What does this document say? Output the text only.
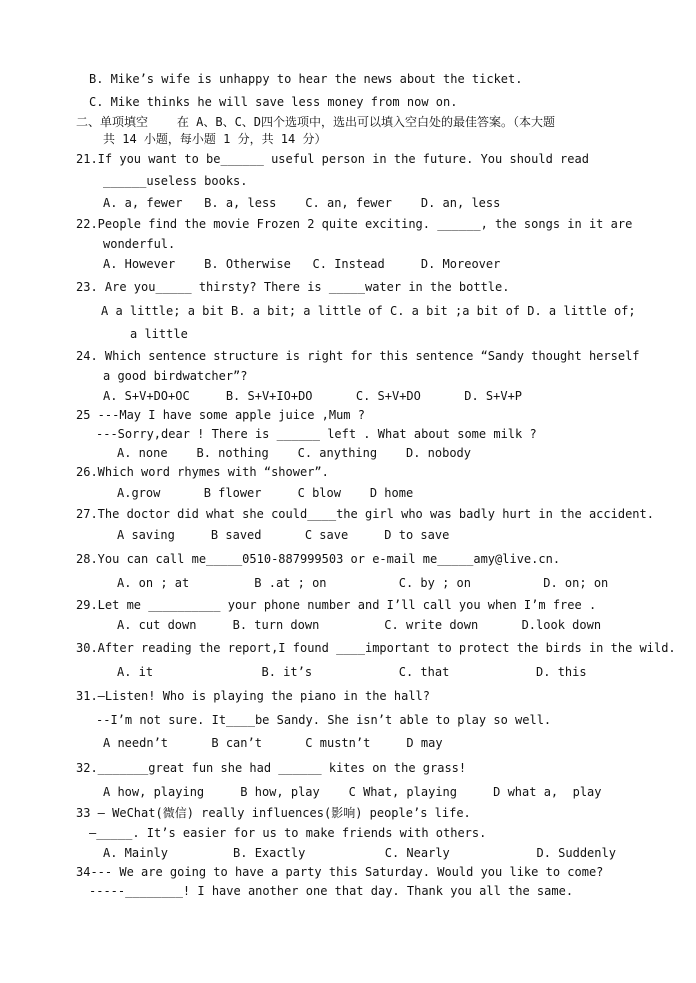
B. Mike’s wife is unhappy to hear the news about the ticket.
C. Mike thinks he will save less money from now on.
二、单项填空    在 A、B、C、D四个选项中，选出可以填入空白处的最佳答案。（本大题
共 14 小题，每小题 1 分，共 14 分）
21.If you want to be______ useful person in the future. You should read
______useless books.
A. a, fewer   B. a, less    C. an, fewer    D. an, less
22.People find the movie Frozen 2 quite exciting. ______, the songs in it are
wonderful.
A. However    B. Otherwise   C. Instead     D. Moreover
23. Are you_____ thirsty? There is _____water in the bottle.
A a little; a bit B. a bit; a little of C. a bit ;a bit of D. a little of;
a little
24. Which sentence structure is right for this sentence “Sandy thought herself
a good birdwatcher”?
A. S+V+DO+OC     B. S+V+IO+DO      C. S+V+DO      D. S+V+P
25 ---May I have some apple juice ,Mum ?
---Sorry,dear ! There is ______ left . What about some milk ?
A. none    B. nothing    C. anything    D. nobody
26.Which word rhymes with “shower”.
A.grow      B flower     C blow    D home
27.The doctor did what she could____the girl who was badly hurt in the accident.
A saving     B saved      C save     D to save
28.You can call me_____0510-887999503 or e-mail me_____amy@live.cn.
A. on ; at         B .at ; on          C. by ; on          D. on; on
29.Let me __________ your phone number and I’ll call you when I’m free .
A. cut down     B. turn down         C. write down      D.look down
30.After reading the report,I found ____important to protect the birds in the wild.
A. it               B. it’s            C. that            D. this
31.—Listen! Who is playing the piano in the hall?
--I’m not sure. It____be Sandy. She isn’t able to play so well.
A needn’t      B can’t      C mustn’t     D may
32._______great fun she had ______ kites on the grass!
A how, playing     B how, play    C What, playing     D what a,  play
33 — WeChat(微信) really influences(影响) people’s life.
—_____. It’s easier for us to make friends with others.
A. Mainly         B. Exactly           C. Nearly            D. Suddenly
34--- We are going to have a party this Saturday. Would you like to come?
-----________! I have another one that day. Thank you all the same.
